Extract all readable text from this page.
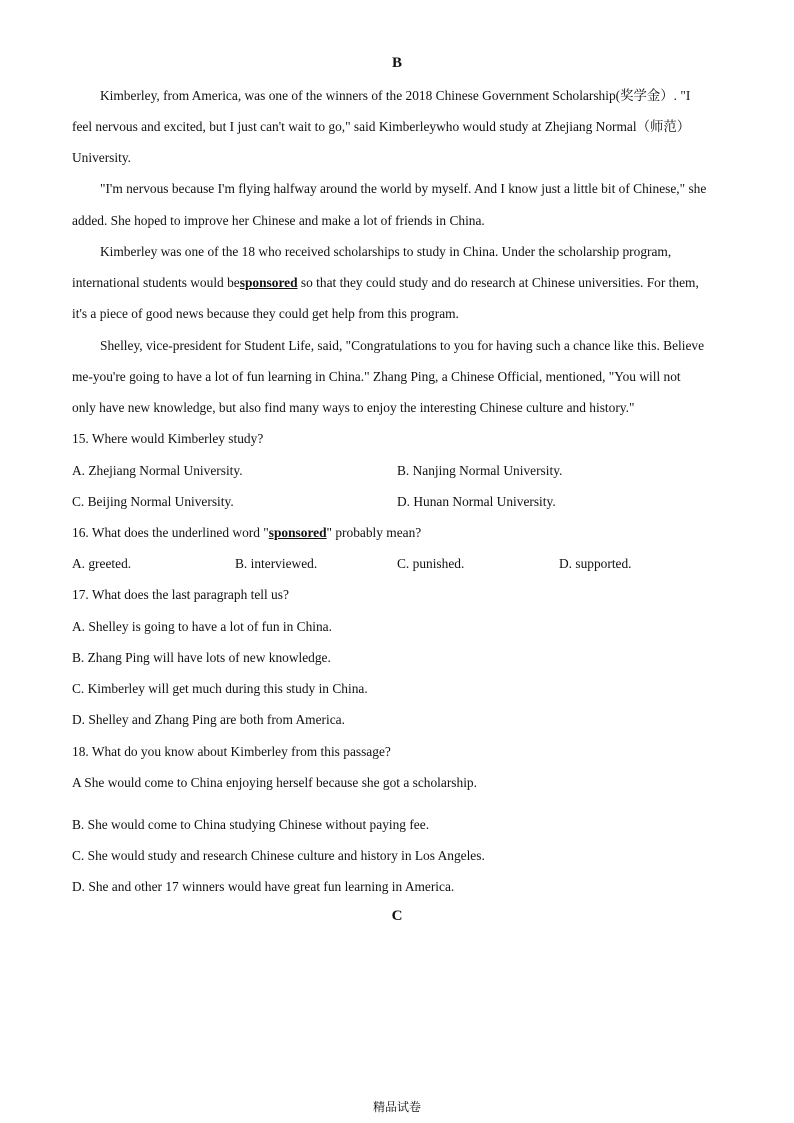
B
Kimberley, from America, was one of the winners of the 2018 Chinese Government Scholarship(奖学金）. "I
feel nervous and excited, but I just can't wait to go," said Kimberleywho would study at Zhejiang Normal（师范）
University.
"I'm nervous because I'm flying halfway around the world by myself. And I know just a little bit of Chinese," she
added. She hoped to improve her Chinese and make a lot of friends in China.
Kimberley was one of the 18 who received scholarships to study in China. Under the scholarship program,
international students would besponsored so that they could study and do research at Chinese universities. For them,
it's a piece of good news because they could get help from this program.
Shelley, vice-president for Student Life, said, "Congratulations to you for having such a chance like this. Believe
me-you're going to have a lot of fun learning in China." Zhang Ping, a Chinese Official, mentioned, "You will not
only have new knowledge, but also find many ways to enjoy the interesting Chinese culture and history."
15. Where would Kimberley study?
A. Zhejiang Normal University.	B. Nanjing Normal University.
C. Beijing Normal University.	D. Hunan Normal University.
16. What does the underlined word "sponsored" probably mean?
A. greeted.	B. interviewed.	C. punished.	D. supported.
17. What does the last paragraph tell us?
A. Shelley is going to have a lot of fun in China.
B. Zhang Ping will have lots of new knowledge.
C. Kimberley will get much during this study in China.
D. Shelley and Zhang Ping are both from America.
18. What do you know about Kimberley from this passage?
A She would come to China enjoying herself because she got a scholarship.
B. She would come to China studying Chinese without paying fee.
C. She would study and research Chinese culture and history in Los Angeles.
D. She and other 17 winners would have great fun learning in America.
C
精品试卷
